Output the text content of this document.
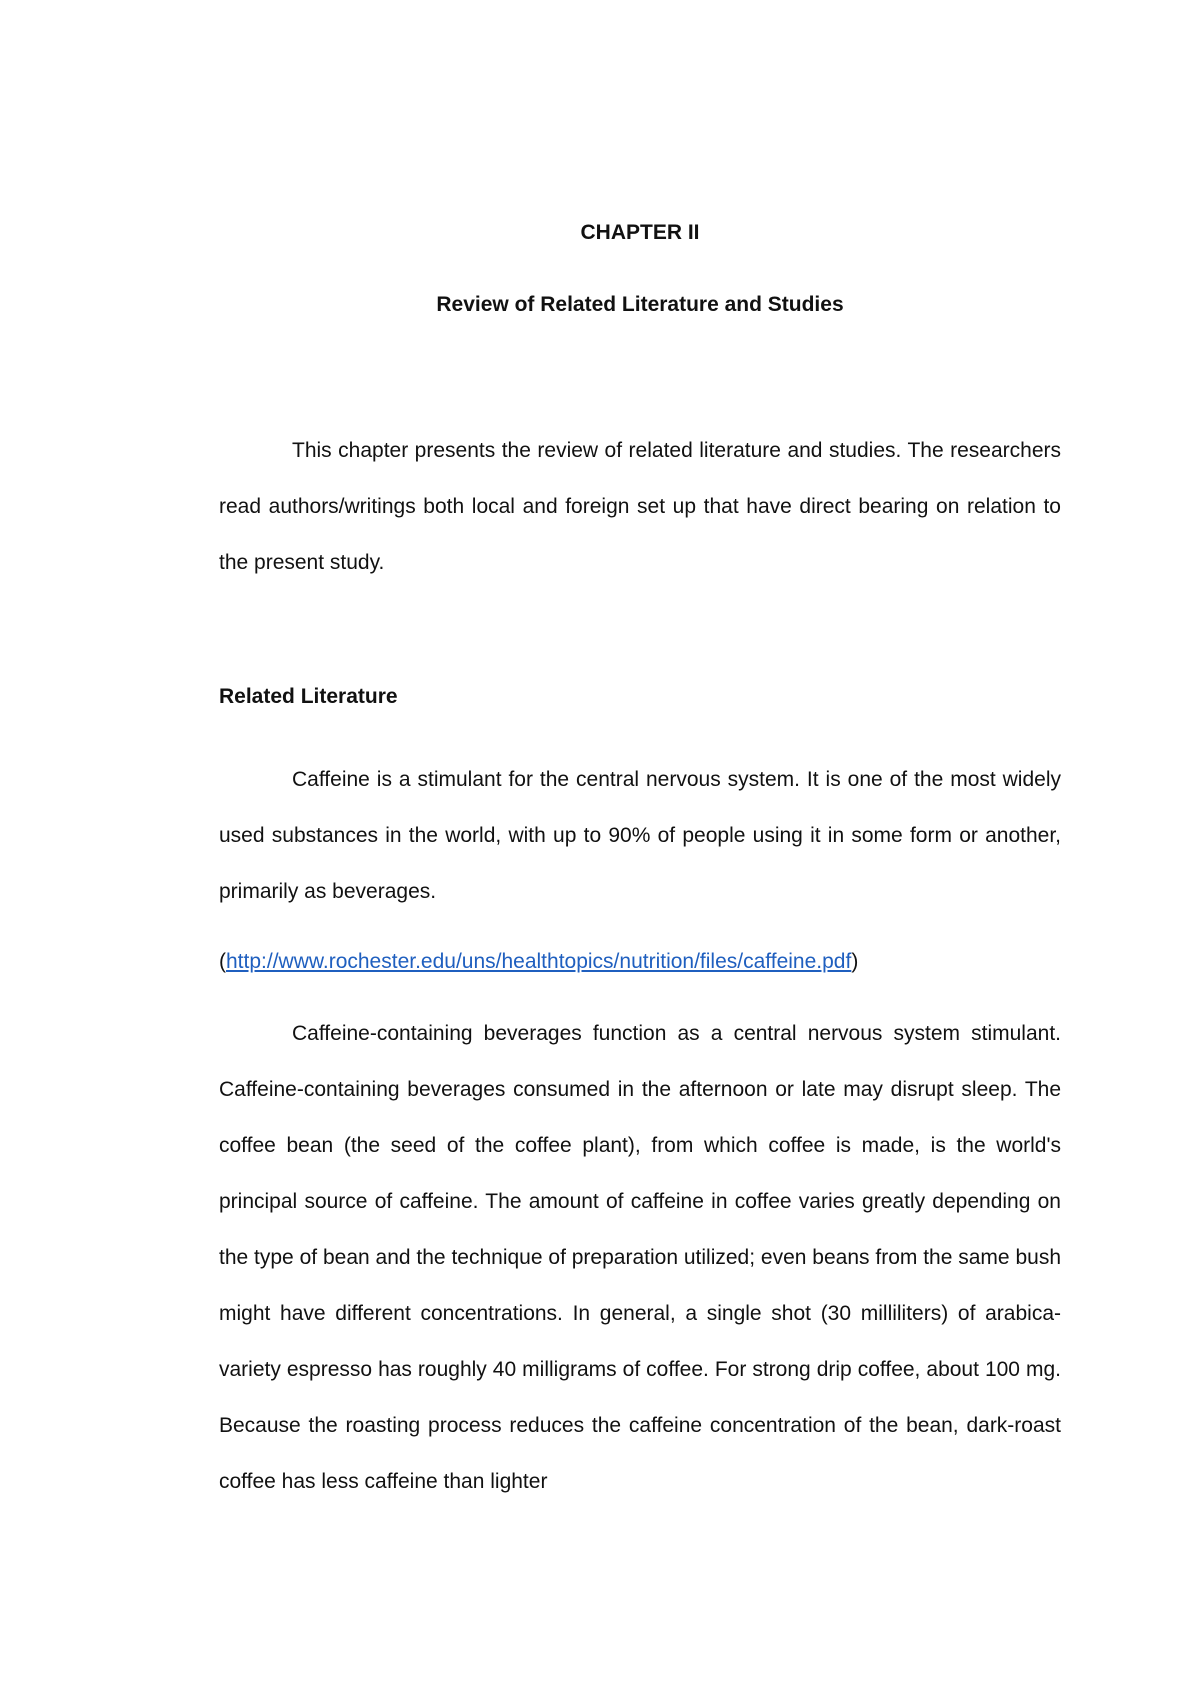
CHAPTER II
Review of Related Literature and Studies

This chapter presents the review of related literature and studies. The researchers read authors/writings both local and foreign set up that have direct bearing on relation to the present study.

Related Literature

Caffeine is a stimulant for the central nervous system. It is one of the most widely used substances in the world, with up to 90% of people using it in some form or another, primarily as beverages.

(http://www.rochester.edu/uns/healthtopics/nutrition/files/caffeine.pdf)

Caffeine-containing beverages function as a central nervous system stimulant. Caffeine-containing beverages consumed in the afternoon or late may disrupt sleep. The coffee bean (the seed of the coffee plant), from which coffee is made, is the world's principal source of caffeine. The amount of caffeine in coffee varies greatly depending on the type of bean and the technique of preparation utilized; even beans from the same bush might have different concentrations. In general, a single shot (30 milliliters) of arabica-variety espresso has roughly 40 milligrams of coffee. For strong drip coffee, about 100 mg. Because the roasting process reduces the caffeine concentration of the bean, dark-roast coffee has less caffeine than lighter
